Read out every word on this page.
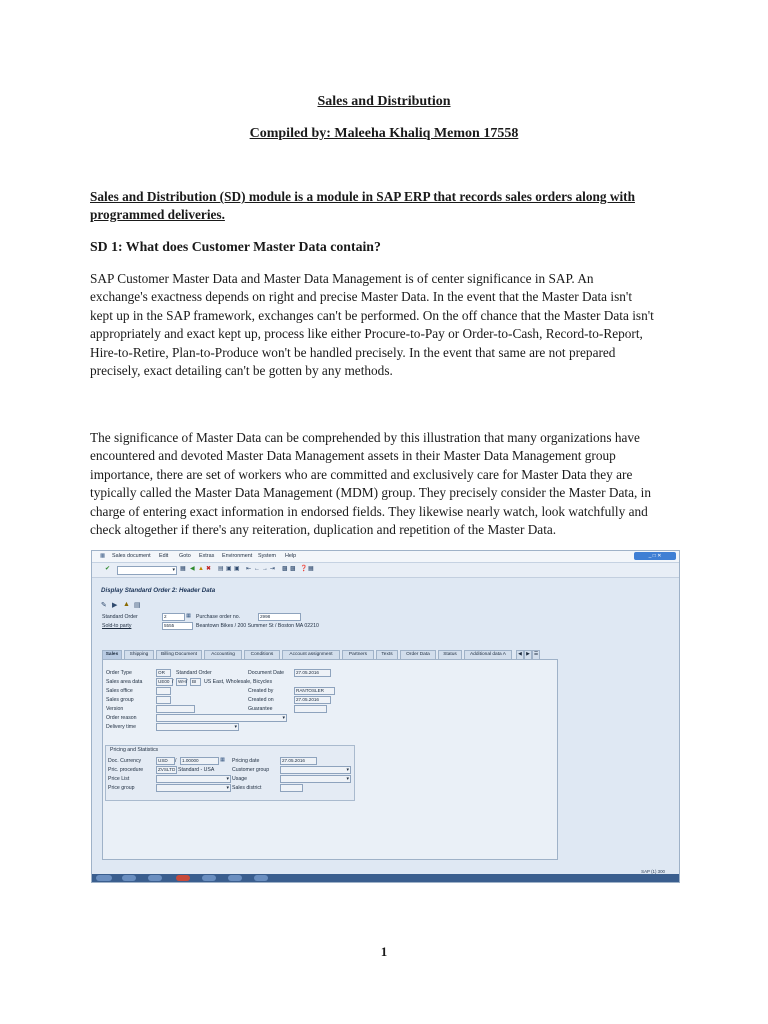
Sales and Distribution
Compiled by: Maleeha Khaliq Memon 17558
Sales and Distribution (SD) module is a module in SAP ERP that records sales orders along with
programmed deliveries.
SD 1: What does Customer Master Data contain?
SAP Customer Master Data and Master Data Management is of center significance in SAP. An
exchange's exactness depends on right and precise Master Data. In the event that the Master Data isn't
kept up in the SAP framework, exchanges can't be performed. On the off chance that the Master Data isn't
appropriately and exact kept up, process like either Procure-to-Pay or Order-to-Cash, Record-to-Report,
Hire-to-Retire, Plan-to-Produce won't be handled precisely. In the event that same are not prepared
precisely, exact detailing can't be gotten by any methods.
The significance of Master Data can be comprehended by this illustration that many organizations have
encountered and devoted Master Data Management assets in their Master Data Management group
importance, there are set of workers who are committed and exclusively care for Master Data they are
typically called the Master Data Management (MDM) group. They precisely consider the Master Data, in
charge of entering exact information in endorsed fields. They likewise nearly watch, look watchfully and
check altogether if there's any reiteration, duplication and repetition of the Master Data.
▦ Sales document Edit Goto Extras Environment System Help	_ □ ✕
✔ ▾	▦ ◀ ▲ ✖ ▤ ▣ ▣ ⇤ ← → ⇥ ▩ ▩ ❓ ▦
Display Standard Order 2: Header Data
✎ ▶ ▲ ▤
Standard Order	2	▦ Purchase order no.	2998
Sold-to party	5555	Beantown Bikes / 200 Summer St / Boston MA 02210
Sales	Shipping	Billing Document	Accounting	Conditions	Account assignment	Partners	Texts	Order Data	Status	Additional data A	◀ ▶ ☰
Order Type	OR	Standard Order	Document Date	27.05.2016
Sales area data	UE00 / WH / BI	US East, Wholesale, Bicycles
Sales office	Created by	RANTOSLER
Sales group	Created on	27.05.2016
Version	Guarantee
Order reason
▾
Delivery time
▾
Pricing and Statistics
Doc. Currency	USD	/	1.00000	▦ Pricing date	27.05.2016
Pric. procedure	ZVSLTD Standard - USA	Customer group
▾
Price List ▾	Usage
▾
Price group ▾	Sales district
SAP (1) 300
1
